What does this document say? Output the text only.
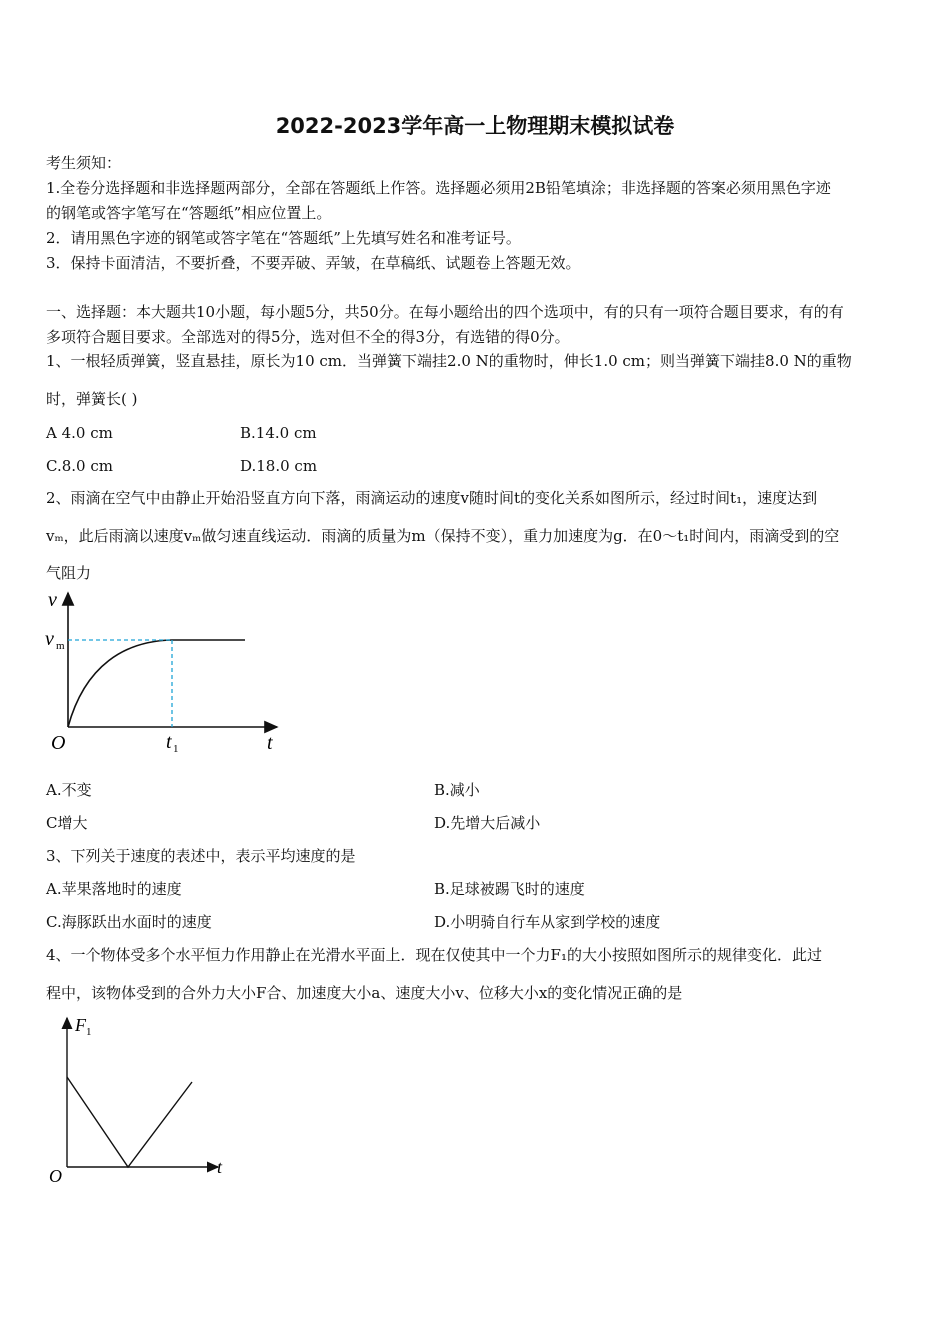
2022-2023学年高一上物理期末模拟试卷
考生须知：
1.全卷分选择题和非选择题两部分，全部在答题纸上作答。选择题必须用2B铅笔填涂；非选择题的答案必须用黑色字迹
的钢笔或答字笔写在“答题纸”相应位置上。
2．请用黑色字迹的钢笔或答字笔在“答题纸”上先填写姓名和准考证号。
3．保持卡面清洁，不要折叠，不要弄破、弄皱，在草稿纸、试题卷上答题无效。
一、选择题：本大题共10小题，每小题5分，共50分。在每小题给出的四个选项中，有的只有一项符合题目要求，有的有
多项符合题目要求。全部选对的得5分，选对但不全的得3分，有选错的得0分。
1、一根轻质弹簧，竖直悬挂，原长为10 cm．当弹簧下端挂2.0 N的重物时，伸长1.0 cm；则当弹簧下端挂8.0 N的重物
时，弹簧长( )
A 4.0 cm	B.14.0 cm
C.8.0 cm	D.18.0 cm
2、雨滴在空气中由静止开始沿竖直方向下落，雨滴运动的速度v随时间t的变化关系如图所示，经过时间t₁，速度达到
vₘ，此后雨滴以速度vₘ做匀速直线运动．雨滴的质量为m（保持不变），重力加速度为g．在0～t₁时间内，雨滴受到的空
气阻力
v
t
O
v m
t 1
A.不变	B.减小
C增大	D.先增大后减小
3、下列关于速度的表述中，表示平均速度的是
A.苹果落地时的速度	B.足球被踢飞时的速度
C.海豚跃出水面时的速度	D.小明骑自行车从家到学校的速度
4、一个物体受多个水平恒力作用静止在光滑水平面上．现在仅使其中一个力F₁的大小按照如图所示的规律变化．此过
程中，该物体受到的合外力大小F合、加速度大小a、速度大小v、位移大小x的变化情况正确的是
F 1
t
O
